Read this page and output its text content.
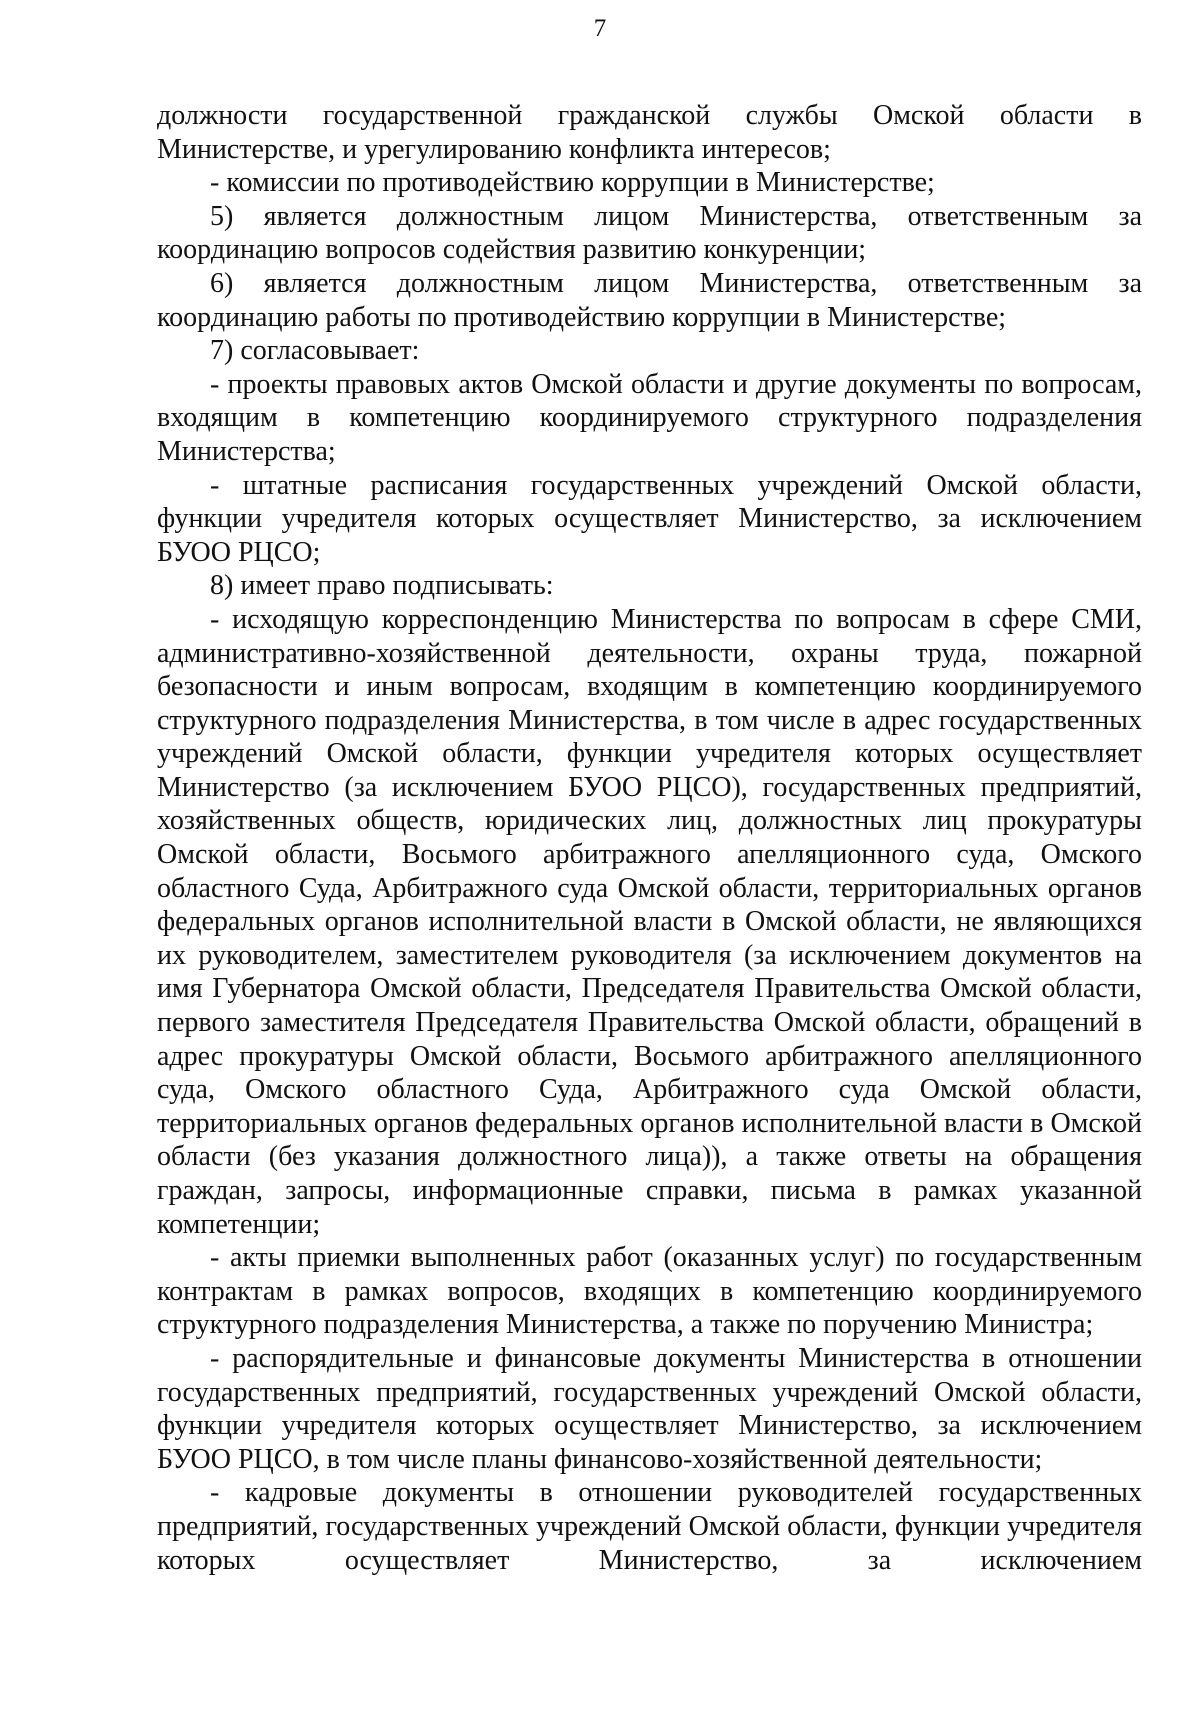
7

должности государственной гражданской службы Омской области в Министерстве, и урегулированию конфликта интересов;

- комиссии по противодействию коррупции в Министерстве;

5) является должностным лицом Министерства, ответственным за координацию вопросов содействия развитию конкуренции;

6) является должностным лицом Министерства, ответственным за координацию работы по противодействию коррупции в Министерстве;

7) согласовывает:

- проекты правовых актов Омской области и другие документы по вопросам, входящим в компетенцию координируемого структурного подразделения Министерства;

- штатные расписания государственных учреждений Омской области, функции учредителя которых осуществляет Министерство, за исключением БУОО РЦСО;

8) имеет право подписывать:

- исходящую корреспонденцию Министерства по вопросам в сфере СМИ, административно-хозяйственной деятельности, охраны труда, пожарной безопасности и иным вопросам, входящим в компетенцию координируемого структурного подразделения Министерства, в том числе в адрес государственных учреждений Омской области, функции учредителя которых осуществляет Министерство (за исключением БУОО РЦСО), государственных предприятий, хозяйственных обществ, юридических лиц, должностных лиц прокуратуры Омской области, Восьмого арбитражного апелляционного суда, Омского областного Суда, Арбитражного суда Омской области, территориальных органов федеральных органов исполнительной власти в Омской области, не являющихся их руководителем, заместителем руководителя (за исключением документов на имя Губернатора Омской области, Председателя Правительства Омской области, первого заместителя Председателя Правительства Омской области, обращений в адрес прокуратуры Омской области, Восьмого арбитражного апелляционного суда, Омского областного Суда, Арбитражного суда Омской области, территориальных органов федеральных органов исполнительной власти в Омской области (без указания должностного лица)), а также ответы на обращения граждан, запросы, информационные справки, письма в рамках указанной компетенции;

- акты приемки выполненных работ (оказанных услуг) по государственным контрактам в рамках вопросов, входящих в компетенцию координируемого структурного подразделения Министерства, а также по поручению Министра;

- распорядительные и финансовые документы Министерства в отношении государственных предприятий, государственных учреждений Омской области, функции учредителя которых осуществляет Министерство, за исключением БУОО РЦСО, в том числе планы финансово-хозяйственной деятельности;

- кадровые документы в отношении руководителей государственных предприятий, государственных учреждений Омской области, функции учредителя которых осуществляет Министерство, за исключением
